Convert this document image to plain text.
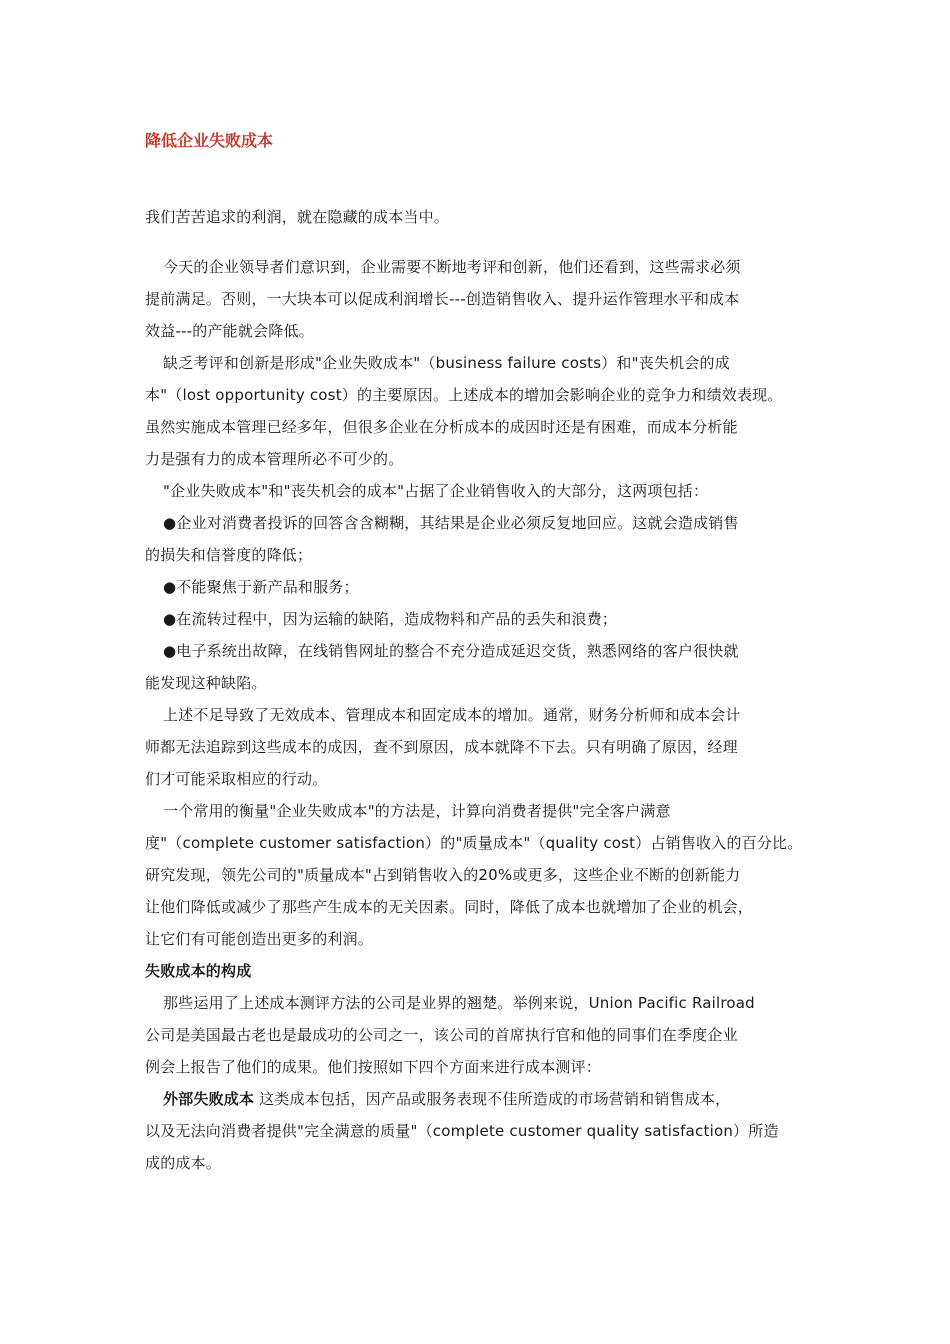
降低企业失败成本
我们苦苦追求的利润，就在隐藏的成本当中。
今天的企业领导者们意识到，企业需要不断地考评和创新，他们还看到，这些需求必须
提前满足。否则，一大块本可以促成利润增长---创造销售收入、提升运作管理水平和成本
效益---的产能就会降低。
缺乏考评和创新是形成"企业失败成本"（business failure costs）和"丧失机会的成
本"（lost opportunity cost）的主要原因。上述成本的增加会影响企业的竞争力和绩效表现。
虽然实施成本管理已经多年，但很多企业在分析成本的成因时还是有困难，而成本分析能
力是强有力的成本管理所必不可少的。
"企业失败成本"和"丧失机会的成本"占据了企业销售收入的大部分，这两项包括：
●企业对消费者投诉的回答含含糊糊，其结果是企业必须反复地回应。这就会造成销售
的损失和信誉度的降低；
●不能聚焦于新产品和服务；
●在流转过程中，因为运输的缺陷，造成物料和产品的丢失和浪费；
●电子系统出故障，在线销售网址的整合不充分造成延迟交货，熟悉网络的客户很快就
能发现这种缺陷。
上述不足导致了无效成本、管理成本和固定成本的增加。通常，财务分析师和成本会计
师都无法追踪到这些成本的成因，查不到原因，成本就降不下去。只有明确了原因，经理
们才可能采取相应的行动。
一个常用的衡量"企业失败成本"的方法是，计算向消费者提供"完全客户满意
度"（complete customer satisfaction）的"质量成本"（quality cost）占销售收入的百分比。
研究发现，领先公司的"质量成本"占到销售收入的20%或更多，这些企业不断的创新能力
让他们降低或减少了那些产生成本的无关因素。同时，降低了成本也就增加了企业的机会，
让它们有可能创造出更多的利润。
失败成本的构成
那些运用了上述成本测评方法的公司是业界的翘楚。举例来说，Union Pacific Railroad
公司是美国最古老也是最成功的公司之一，该公司的首席执行官和他的同事们在季度企业
例会上报告了他们的成果。他们按照如下四个方面来进行成本测评：
外部失败成本 这类成本包括，因产品或服务表现不佳所造成的市场营销和销售成本，
以及无法向消费者提供"完全满意的质量"（complete customer quality satisfaction）所造
成的成本。
